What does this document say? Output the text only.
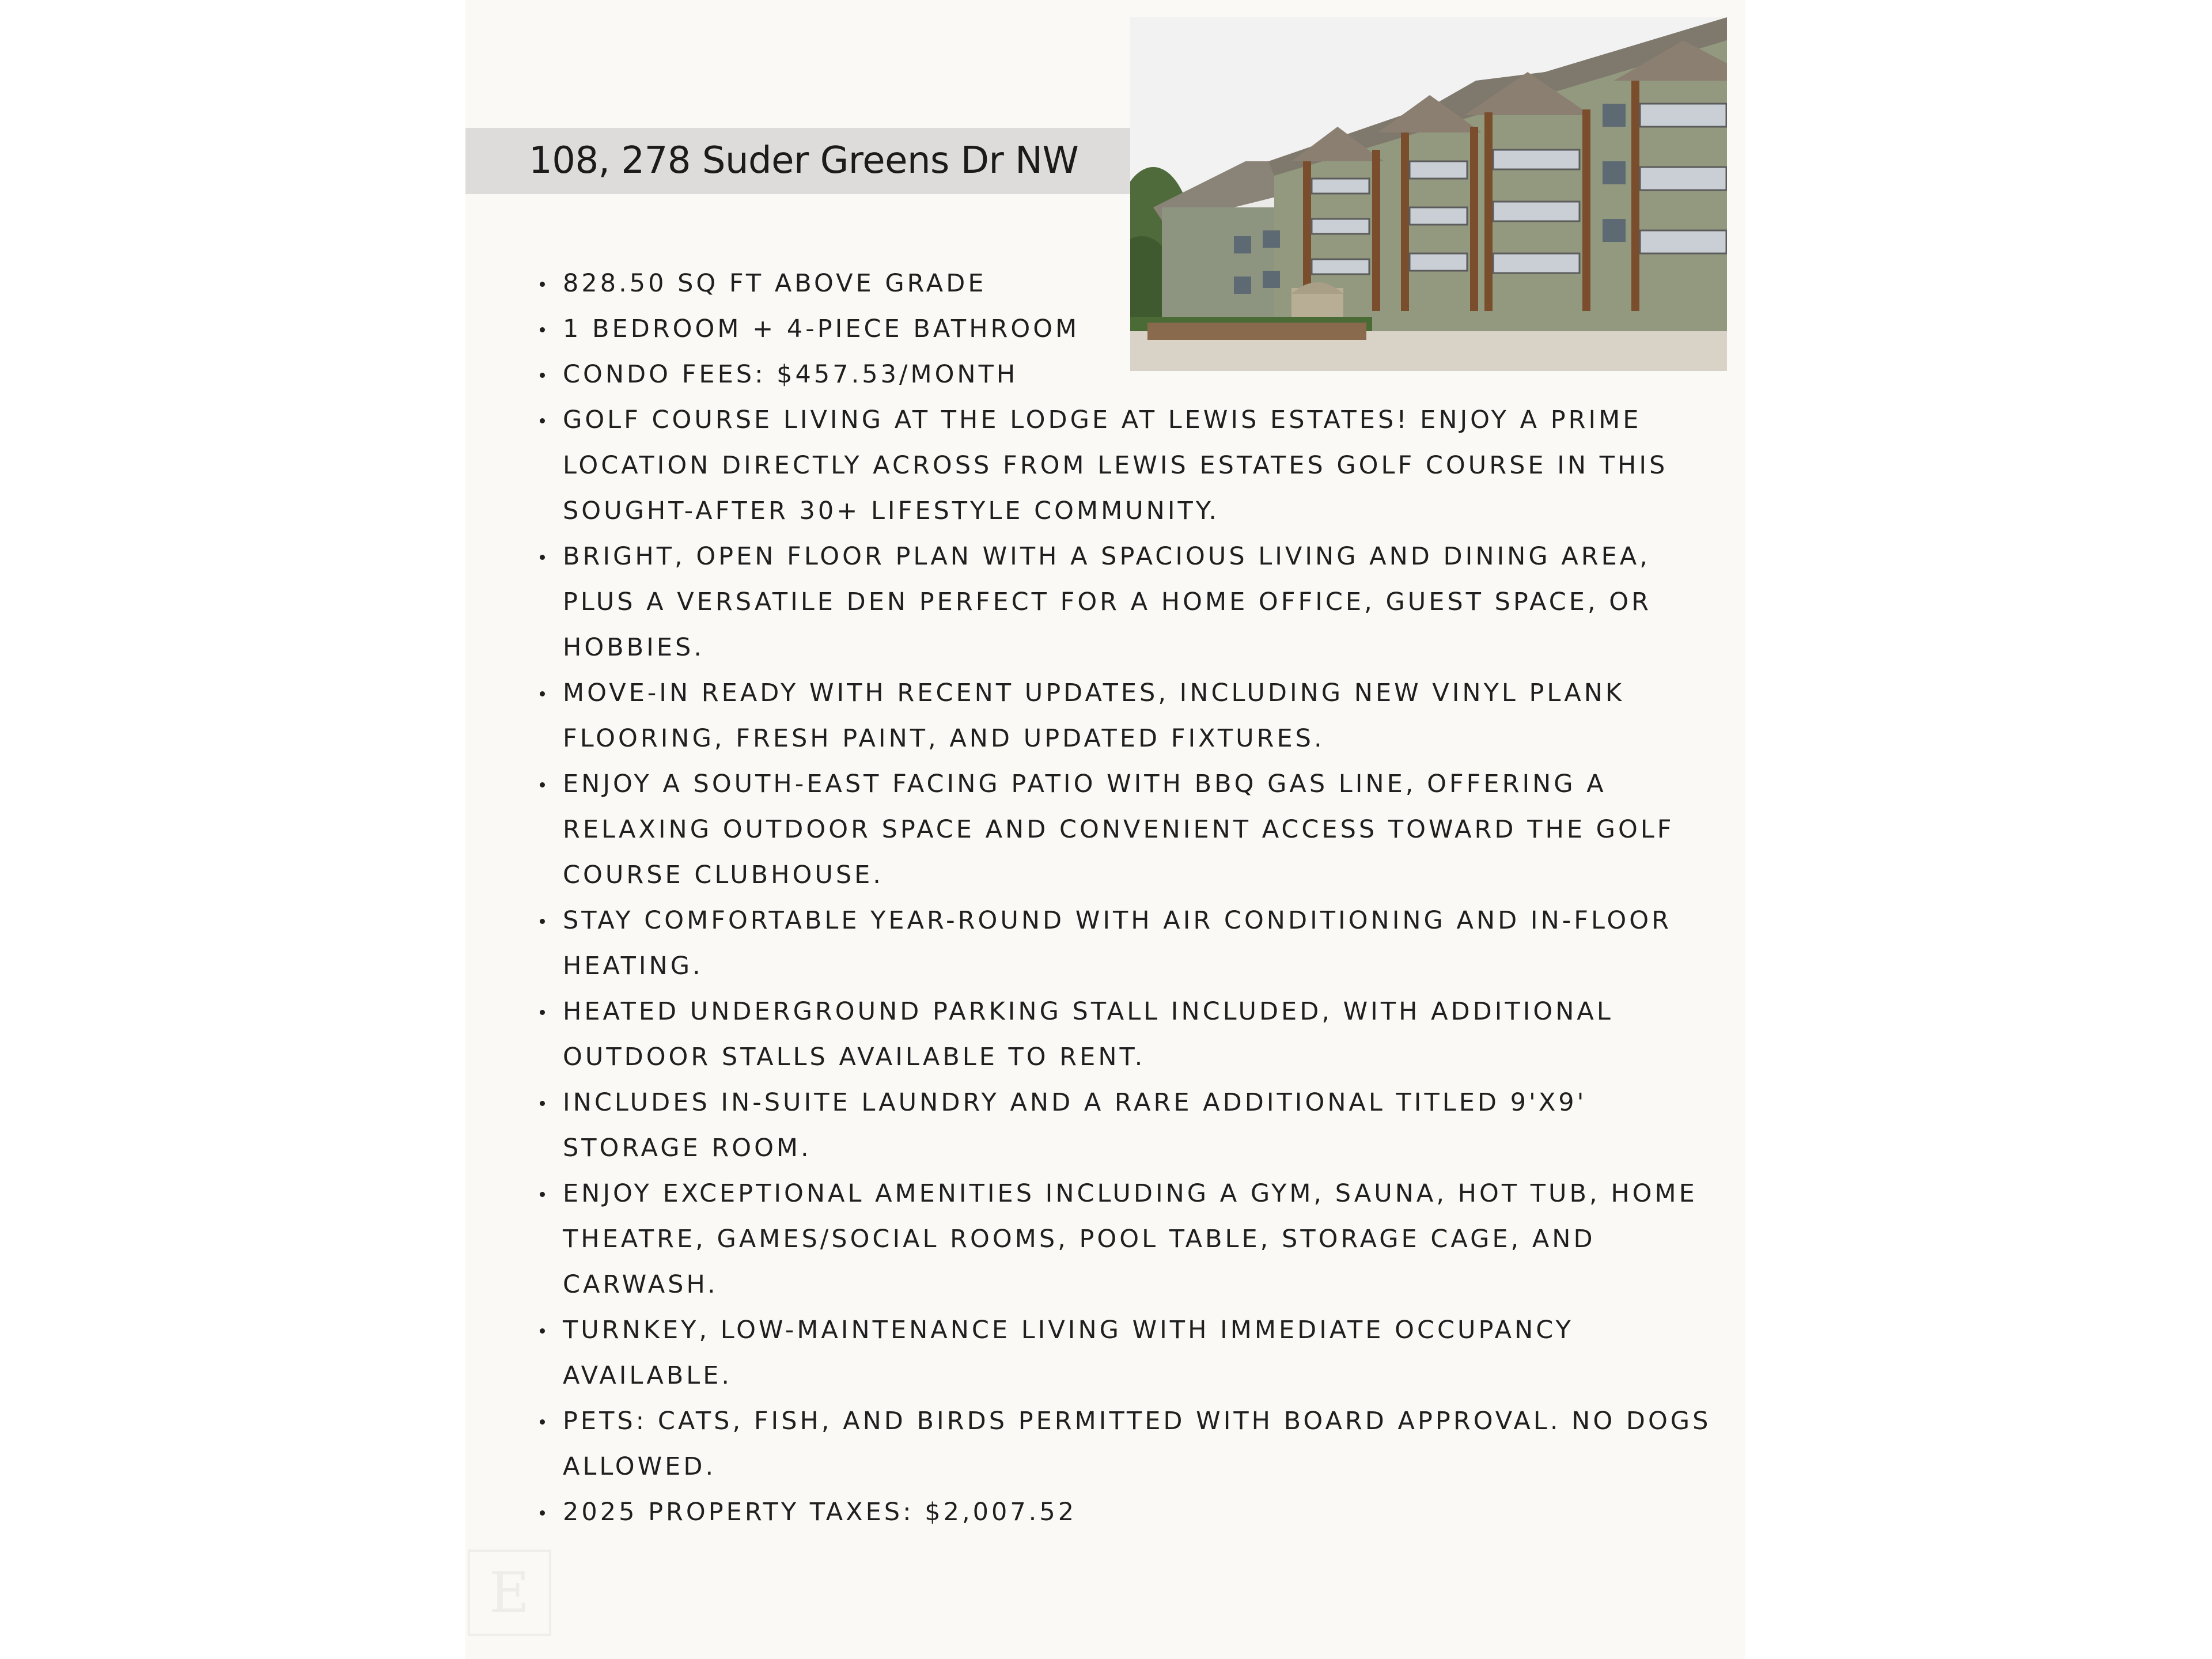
108, 278 Suder Greens Dr NW
828.50 SQ FT ABOVE GRADE
1 BEDROOM + 4-PIECE BATHROOM
CONDO FEES: $457.53/MONTH
GOLF COURSE LIVING AT THE LODGE AT LEWIS ESTATES! ENJOY A PRIME LOCATION DIRECTLY ACROSS FROM LEWIS ESTATES GOLF COURSE IN THIS SOUGHT-AFTER 30+ LIFESTYLE COMMUNITY.
BRIGHT, OPEN FLOOR PLAN WITH A SPACIOUS LIVING AND DINING AREA, PLUS A VERSATILE DEN PERFECT FOR A HOME OFFICE, GUEST SPACE, OR HOBBIES.
MOVE-IN READY WITH RECENT UPDATES, INCLUDING NEW VINYL PLANK FLOORING, FRESH PAINT, AND UPDATED FIXTURES.
ENJOY A SOUTH-EAST FACING PATIO WITH BBQ GAS LINE, OFFERING A RELAXING OUTDOOR SPACE AND CONVENIENT ACCESS TOWARD THE GOLF COURSE CLUBHOUSE.
STAY COMFORTABLE YEAR-ROUND WITH AIR CONDITIONING AND IN-FLOOR HEATING.
HEATED UNDERGROUND PARKING STALL INCLUDED, WITH ADDITIONAL OUTDOOR STALLS AVAILABLE TO RENT.
INCLUDES IN-SUITE LAUNDRY AND A RARE ADDITIONAL TITLED 9'X9' STORAGE ROOM.
ENJOY EXCEPTIONAL AMENITIES INCLUDING A GYM, SAUNA, HOT TUB, HOME THEATRE, GAMES/SOCIAL ROOMS, POOL TABLE, STORAGE CAGE, AND CARWASH.
TURNKEY, LOW-MAINTENANCE LIVING WITH IMMEDIATE OCCUPANCY AVAILABLE.
PETS: CATS, FISH, AND BIRDS PERMITTED WITH BOARD APPROVAL. NO DOGS ALLOWED.
2025 PROPERTY TAXES: $2,007.52
E
